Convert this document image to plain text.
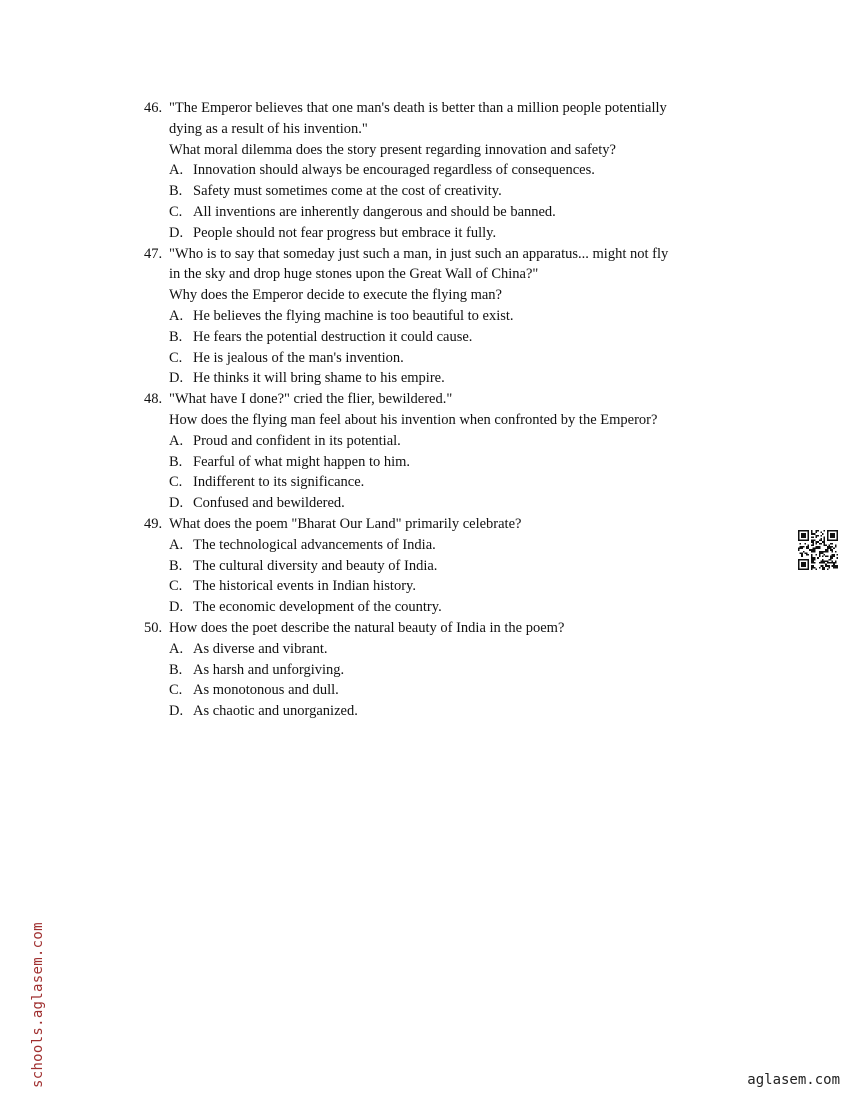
46. "The Emperor believes that one man's death is better than a million people potentially
dying as a result of his invention."
What moral dilemma does the story present regarding innovation and safety?
A. Innovation should always be encouraged regardless of consequences.
B. Safety must sometimes come at the cost of creativity.
C. All inventions are inherently dangerous and should be banned.
D. People should not fear progress but embrace it fully.
47. "Who is to say that someday just such a man, in just such an apparatus... might not fly
in the sky and drop huge stones upon the Great Wall of China?"
Why does the Emperor decide to execute the flying man?
A. He believes the flying machine is too beautiful to exist.
B. He fears the potential destruction it could cause.
C. He is jealous of the man's invention.
D. He thinks it will bring shame to his empire.
48. "What have I done?" cried the flier, bewildered."
How does the flying man feel about his invention when confronted by the Emperor?
A. Proud and confident in its potential.
B. Fearful of what might happen to him.
C. Indifferent to its significance.
D. Confused and bewildered.
49. What does the poem "Bharat Our Land" primarily celebrate?
A. The technological advancements of India.
B. The cultural diversity and beauty of India.
C. The historical events in Indian history.
D. The economic development of the country.
50. How does the poet describe the natural beauty of India in the poem?
A. As diverse and vibrant.
B. As harsh and unforgiving.
C. As monotonous and dull.
D. As chaotic and unorganized.
schools.aglasem.com	aglasem.com
